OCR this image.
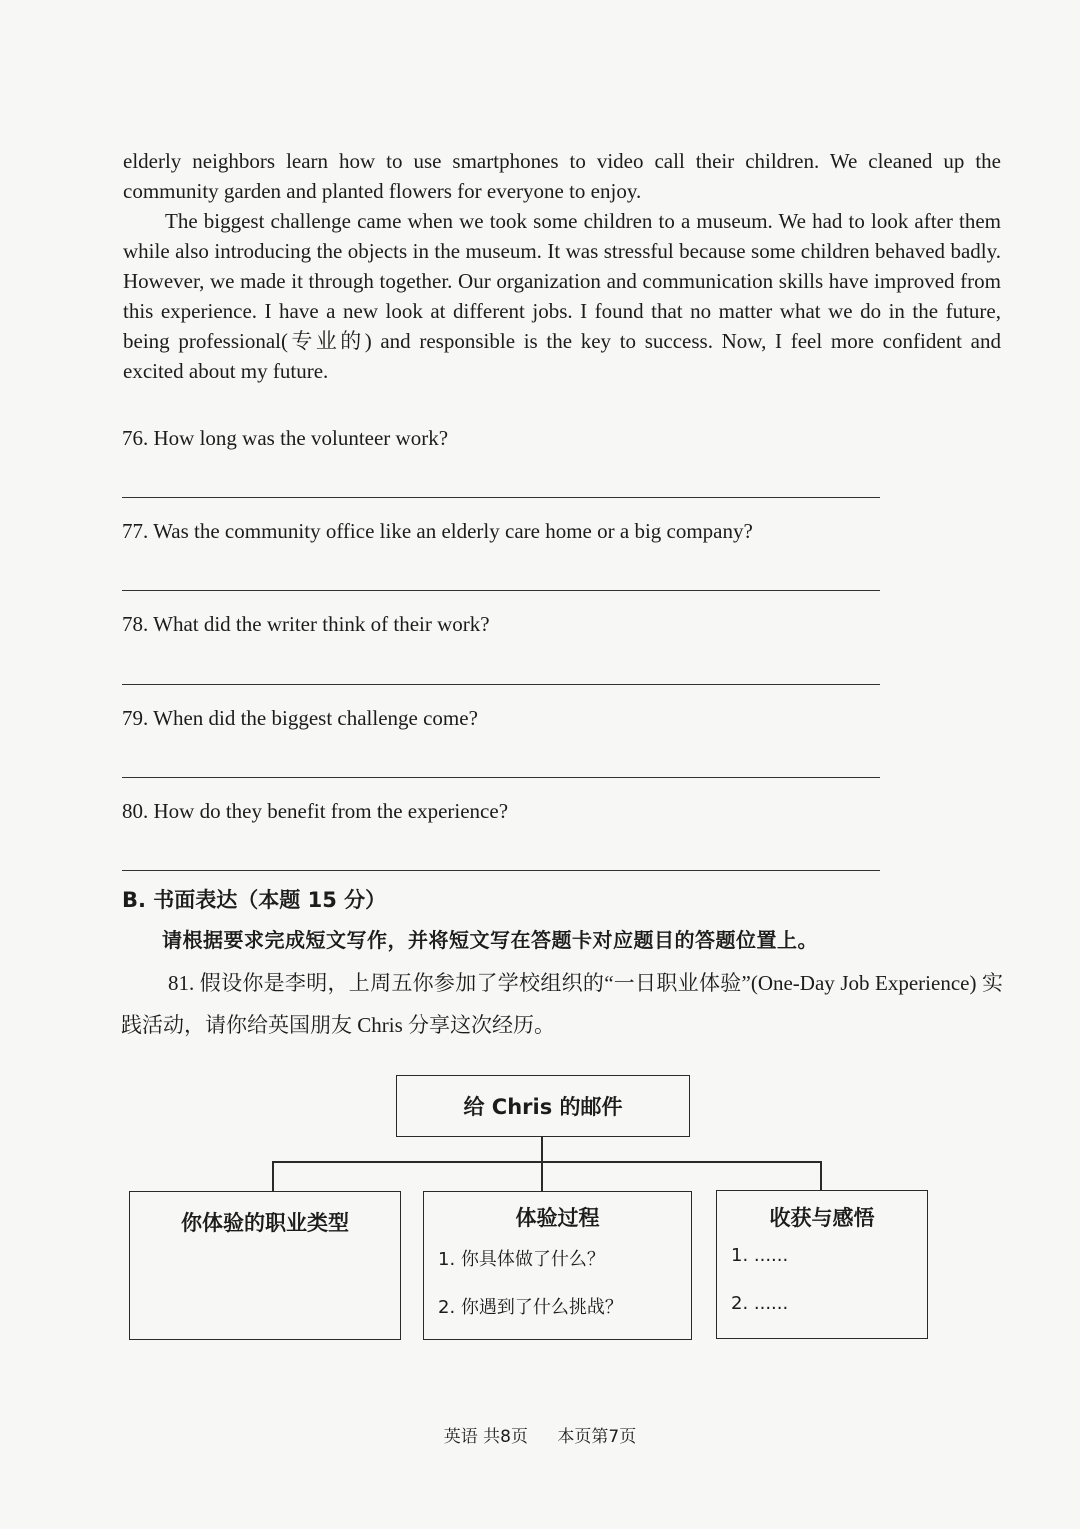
elderly neighbors learn how to use smartphones to video call their children. We cleaned up the community garden and planted flowers for everyone to enjoy.

The biggest challenge came when we took some children to a museum. We had to look after them while also introducing the objects in the museum. It was stressful because some children behaved badly. However, we made it through together. Our organization and communication skills have improved from this experience. I have a new look at different jobs. I found that no matter what we do in the future, being professional(专业的) and responsible is the key to success. Now, I feel more confident and excited about my future.

76. How long was the volunteer work?
77. Was the community office like an elderly care home or a big company?
78. What did the writer think of their work?
79. When did the biggest challenge come?
80. How do they benefit from the experience?
B. 书面表达（本题 15 分）
请根据要求完成短文写作，并将短文写在答题卡对应题目的答题位置上。

81. 假设你是李明，上周五你参加了学校组织的“一日职业体验”(One-Day Job Experience) 实践活动，请你给英国朋友 Chris 分享这次经历。

给 Chris 的邮件
你体验的职业类型	体验过程
1. 你具体做了什么？
2. 你遇到了什么挑战？
收获与感悟
1. ......
2. ......
英语 共8页 本页第7页
